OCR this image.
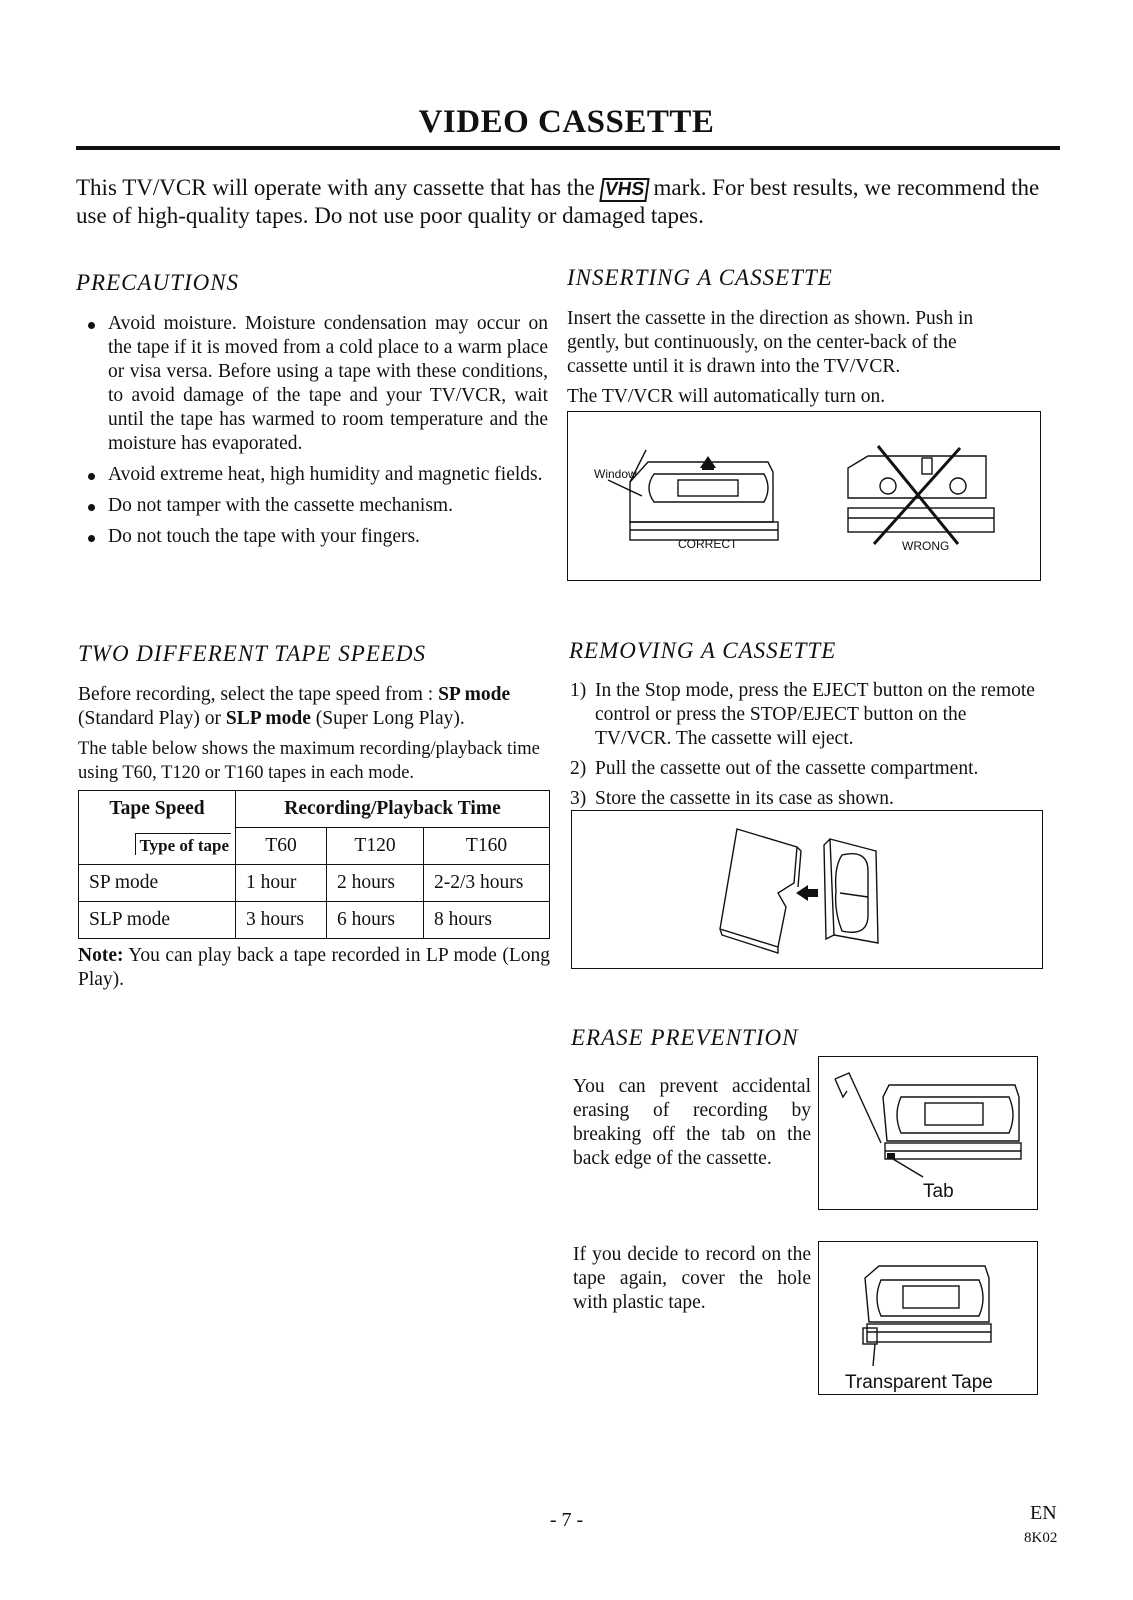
VIDEO CASSETTE
This TV/VCR will operate with any cassette that has the VHS mark. For best results, we recommend the use of high-quality tapes. Do not use poor quality or damaged tapes.
PRECAUTIONS
Avoid moisture. Moisture condensation may occur on the tape if it is moved from a cold place to a warm place or visa versa. Before using a tape with these conditions, to avoid damage of the tape and your TV/VCR, wait until the tape has warmed to room temperature and the moisture has evaporated.
Avoid extreme heat, high humidity and magnetic fields.
Do not tamper with the cassette mechanism.
Do not touch the tape with your fingers.
INSERTING A CASSETTE
Insert the cassette in the direction as shown. Push in gently, but continuously, on the center-back of the cassette until it is drawn into the TV/VCR.
The TV/VCR will automatically turn on.
Window
CORRECT	WRONG
TWO DIFFERENT TAPE SPEEDS
Before recording, select the tape speed from : SP mode (Standard Play) or SLP mode (Super Long Play).
The table below shows the maximum recording/playback time using T60, T120 or T160 tapes in each mode.
Tape Speed	Recording/Playback Time		
Type of tape	T60	T120	T160
SP mode	1 hour	2 hours	2-2/3 hours
SLP mode	3 hours	6 hours	8 hours
Note: You can play back a tape recorded in LP mode (Long Play).
REMOVING A CASSETTE
1) In the Stop mode, press the EJECT button on the remote control or press the STOP/EJECT button on the TV/VCR. The cassette will eject.
2) Pull the cassette out of the cassette compartment.
3) Store the cassette in its case as shown.
ERASE PREVENTION
You can prevent accidental erasing of recording by breaking off the tab on the back edge of the cassette.
Tab
If you decide to record on the tape again, cover the hole with plastic tape.
Transparent Tape
- 7 -	EN
8K02
